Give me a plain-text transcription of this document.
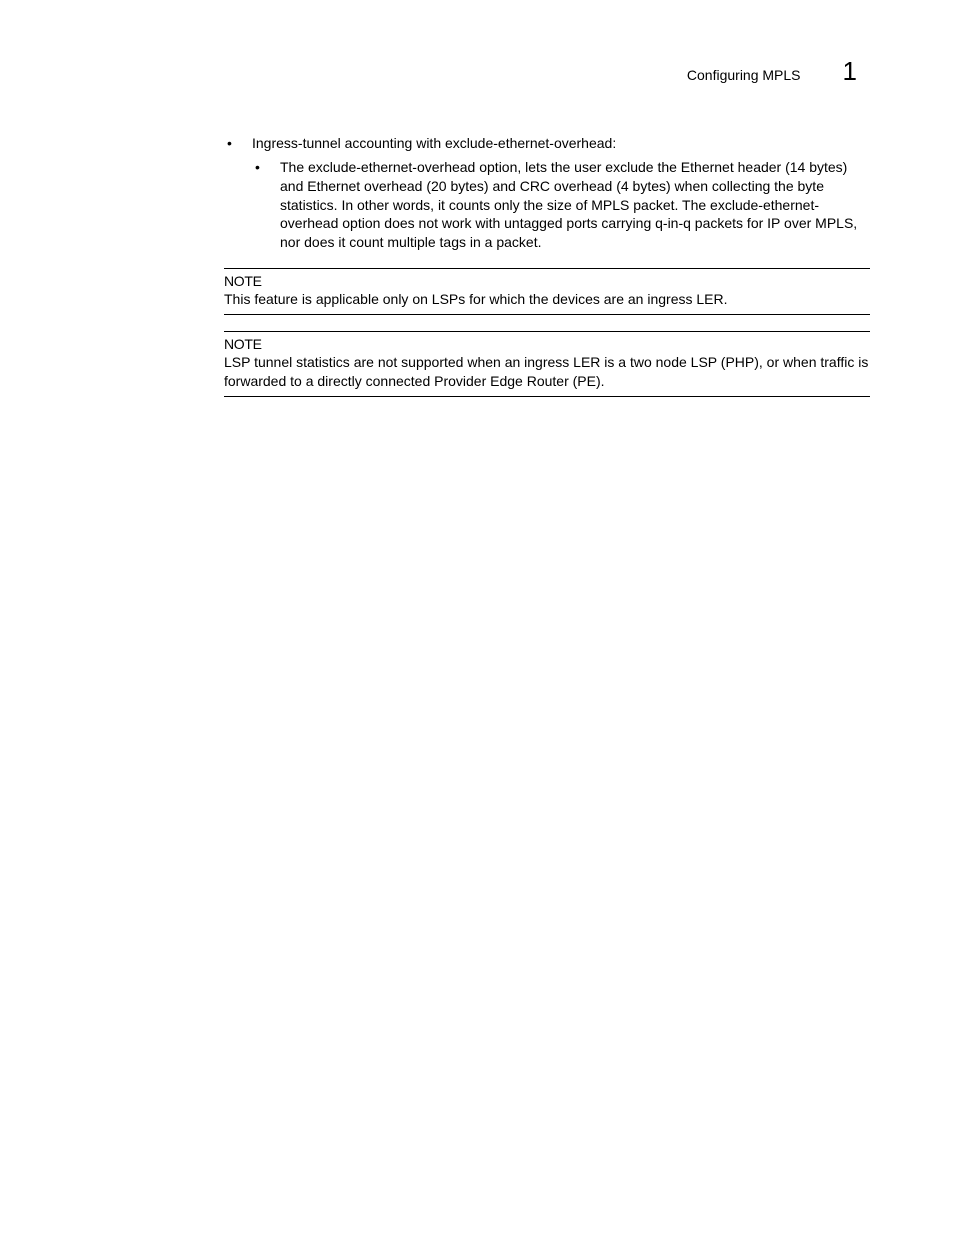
Configuring MPLS 1
• Ingress-tunnel accounting with exclude-ethernet-overhead:
• The exclude-ethernet-overhead option, lets the user exclude the Ethernet header (14 bytes) and Ethernet overhead (20 bytes) and CRC overhead (4 bytes) when collecting the byte statistics. In other words, it counts only the size of MPLS packet. The exclude-ethernet-overhead option does not work with untagged ports carrying q-in-q packets for IP over MPLS, nor does it count multiple tags in a packet.
NOTE
This feature is applicable only on LSPs for which the devices are an ingress LER.
NOTE
LSP tunnel statistics are not supported when an ingress LER is a two node LSP (PHP), or when traffic is forwarded to a directly connected Provider Edge Router (PE).
